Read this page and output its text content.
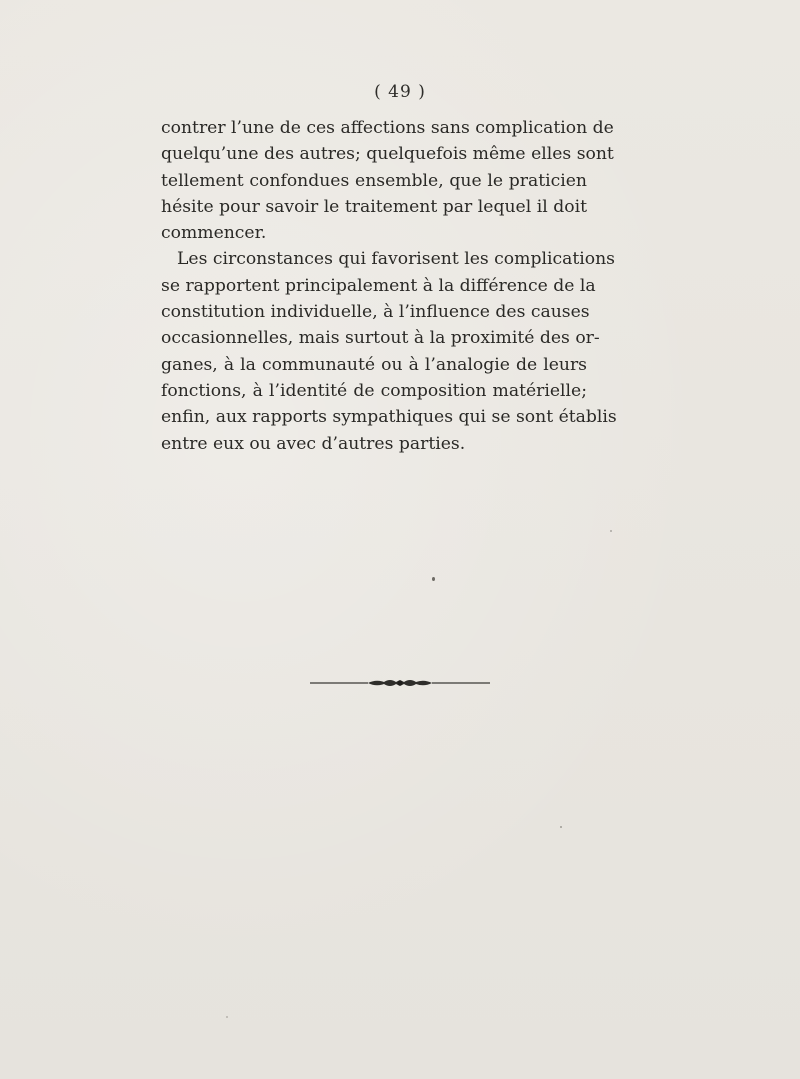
( 49 )
contrer l’une de ces affections sans complication de
quelqu’une des autres; quelquefois même elles sont
tellement confondues ensemble, que le praticien
hésite pour savoir le traitement par lequel il doit
commencer.
Les circonstances qui favorisent les complications
se rapportent principalement à la différence de la
constitution individuelle, à l’influence des causes
occasionnelles, mais surtout à la proximité des or-
ganes, à la communauté ou à l’analogie de leurs
fonctions, à l’identité de composition matérielle;
enfin, aux rapports sympathiques qui se sont établis
entre eux ou avec d’autres parties.
